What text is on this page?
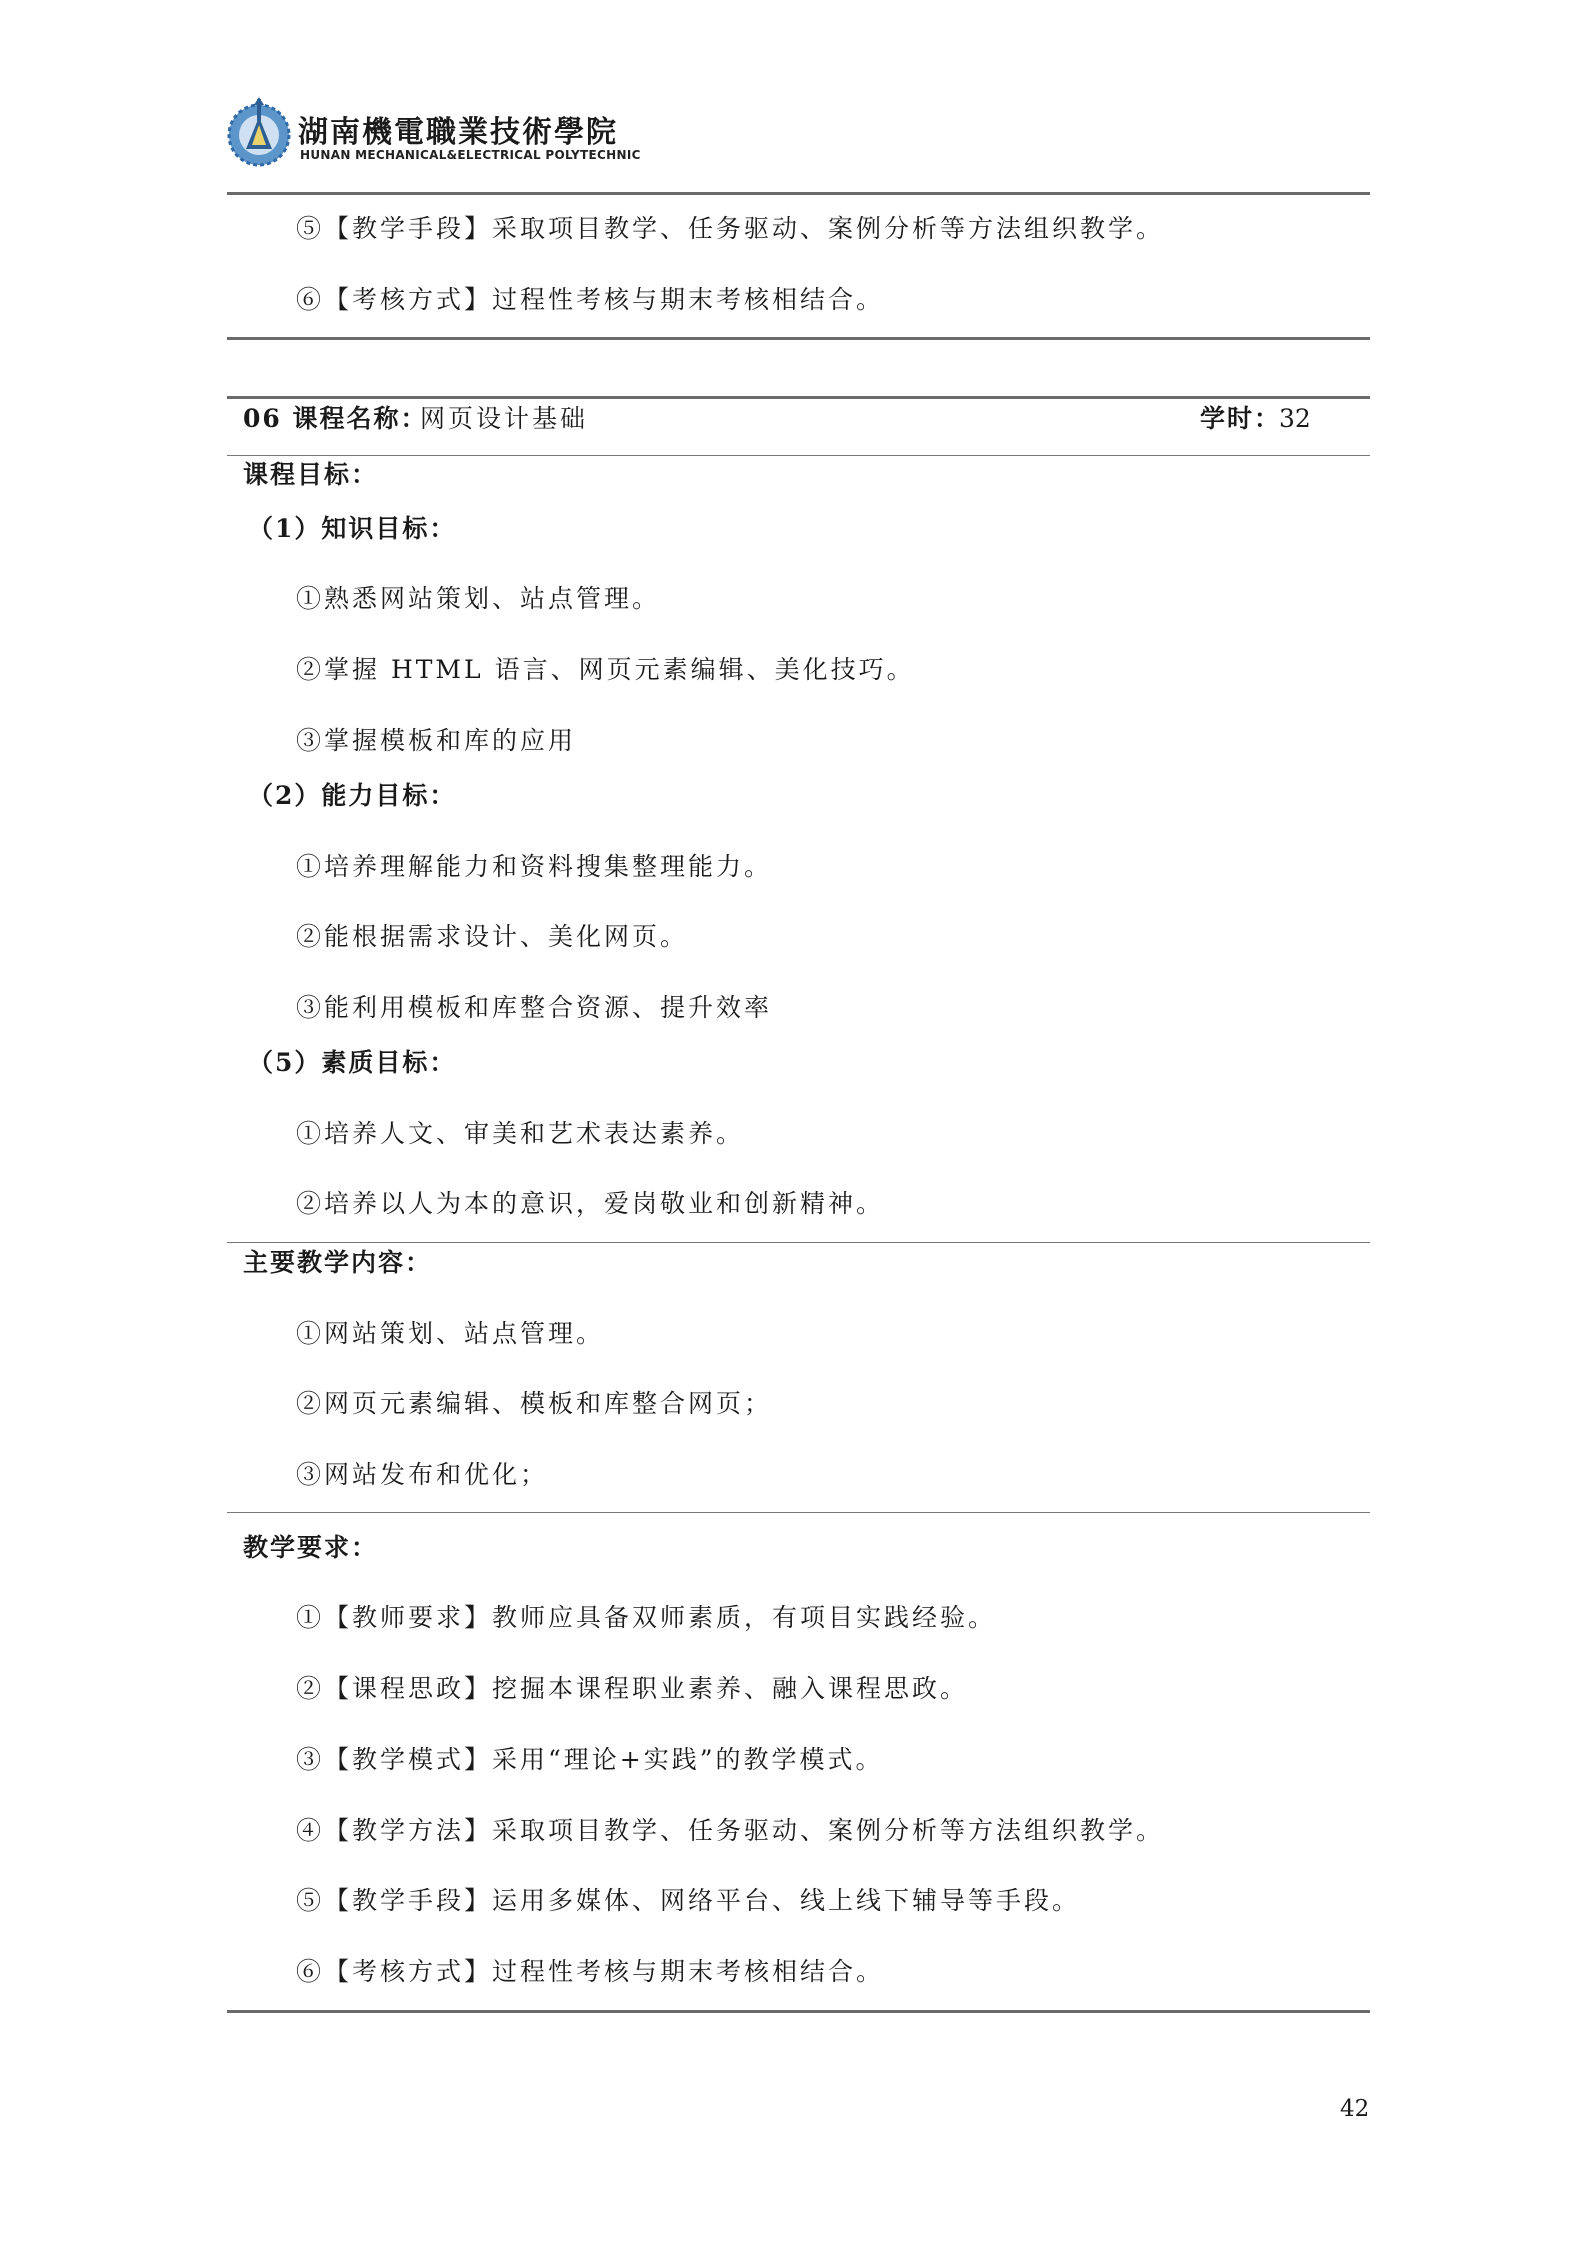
湖南機電職業技術學院
HUNAN MECHANICAL&ELECTRICAL POLYTECHNIC
⑤【教学手段】采取项目教学、任务驱动、案例分析等方法组织教学。
⑥【考核方式】过程性考核与期末考核相结合。
06 课程名称：
网页设计基础	学时：
32
课程目标：
（1）知识目标：
①熟悉网站策划、站点管理。
②掌握 HTML 语言、网页元素编辑、美化技巧。
③掌握模板和库的应用
（2）能力目标：
①培养理解能力和资料搜集整理能力。
②能根据需求设计、美化网页。
③能利用模板和库整合资源、提升效率
（5）素质目标：
①培养人文、审美和艺术表达素养。
②培养以人为本的意识，爱岗敬业和创新精神。
主要教学内容：
①网站策划、站点管理。
②网页元素编辑、模板和库整合网页；
③网站发布和优化；
教学要求：
①【教师要求】教师应具备双师素质，有项目实践经验。
②【课程思政】挖掘本课程职业素养、融入课程思政。
③【教学模式】采用“理论+实践”的教学模式。
④【教学方法】采取项目教学、任务驱动、案例分析等方法组织教学。
⑤【教学手段】运用多媒体、网络平台、线上线下辅导等手段。
⑥【考核方式】过程性考核与期末考核相结合。
42
